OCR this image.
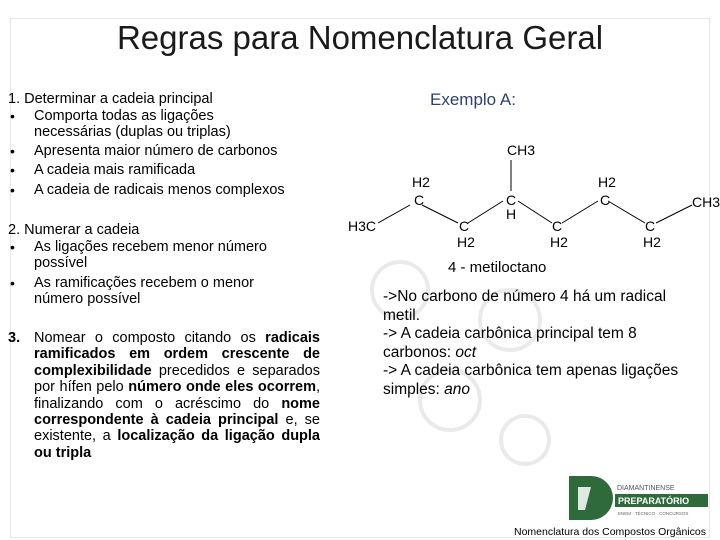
Regras para Nomenclatura Geral

1. Determinar a cadeia principal

• Comporta todas as ligações necessárias (duplas ou triplas)
• Apresenta maior número de carbonos
• A cadeia mais ramificada
• A cadeia de radicais menos complexos

2. Numerar a cadeia

• As ligações recebem menor número possível
• As ramificações recebem o menor número possível
3. Nomear o composto citando os radicais ramificados em ordem crescente de complexibilidade precedidos e separados por hífen pelo número onde eles ocorrem, finalizando com o acréscimo do nome correspondente à cadeia principal e, se existente, a localização da ligação dupla ou tripla
Exemplo A:
CH3
H2
C	C
H
H2
C	CH3
H3C	C
H2
C
H2
C
H2
4 - metiloctano
->No carbono de número 4 há um radical metil.
-> A cadeia carbônica principal tem 8 carbonos: oct
-> A cadeia carbônica tem apenas ligações simples: ano
DIAMANTINENSE
PREPARATÓRIO
ENEM · TÉCNICO · CONCURSOS
Nomenclatura dos Compostos Orgânicos
